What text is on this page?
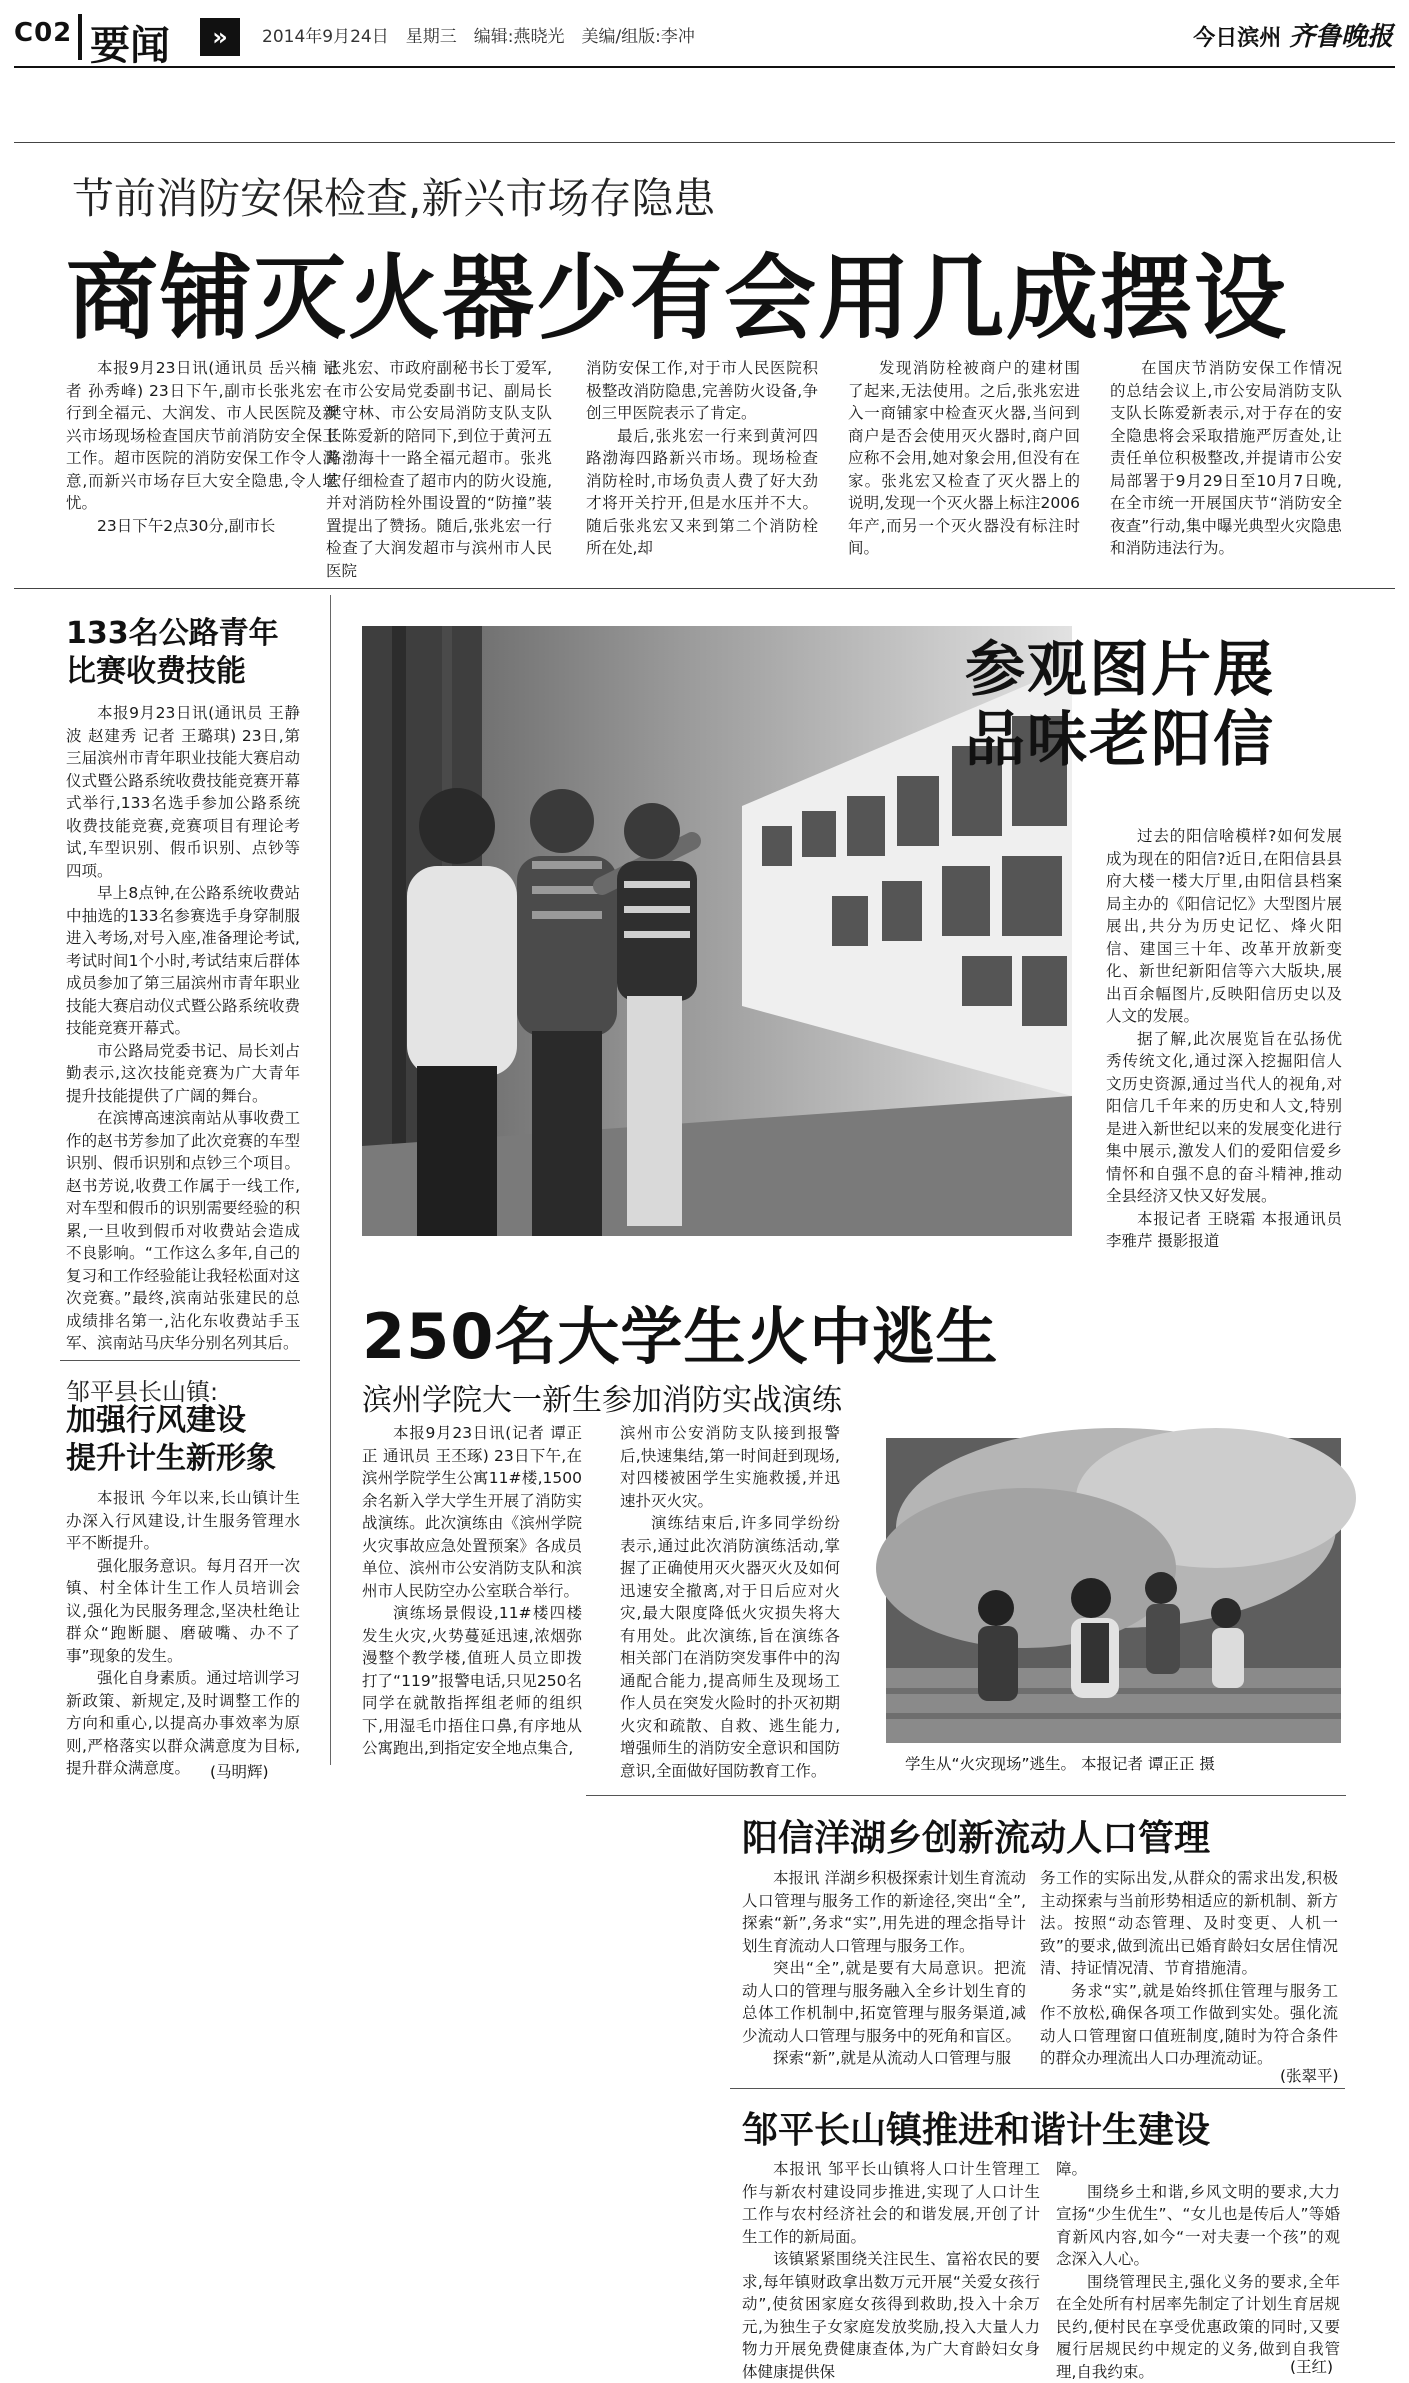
C02 要闻	»	2014年9月24日　星期三　编辑:燕晓光　美编/组版:李冲	今日滨州 齐鲁晚报
节前消防安保检查,新兴市场存隐患
商铺灭火器少有会用几成摆设

本报9月23日讯(通讯员 岳兴楠 记者 孙秀峰) 23日下午,副市长张兆宏一行到全福元、大润发、市人民医院及新兴市场现场检查国庆节前消防安全保卫工作。超市医院的消防安保工作令人满意,而新兴市场存巨大安全隐患,令人堪忧。

23日下午2点30分,副市长

张兆宏、市政府副秘书长丁爱军,在市公安局党委副书记、副局长樊守林、市公安局消防支队支队长陈爱新的陪同下,到位于黄河五路渤海十一路全福元超市。张兆宏仔细检查了超市内的防火设施,并对消防栓外围设置的“防撞”装置提出了赞扬。随后,张兆宏一行检查了大润发超市与滨州市人民医院

消防安保工作,对于市人民医院积极整改消防隐患,完善防火设备,争创三甲医院表示了肯定。

最后,张兆宏一行来到黄河四路渤海四路新兴市场。现场检查消防栓时,市场负责人费了好大劲才将开关拧开,但是水压并不大。随后张兆宏又来到第二个消防栓所在处,却

发现消防栓被商户的建材围了起来,无法使用。之后,张兆宏进入一商铺家中检查灭火器,当问到商户是否会使用灭火器时,商户回应称不会用,她对象会用,但没有在家。张兆宏又检查了灭火器上的说明,发现一个灭火器上标注2006年产,而另一个灭火器没有标注时间。

在国庆节消防安保工作情况的总结会议上,市公安局消防支队支队长陈爱新表示,对于存在的安全隐患将会采取措施严厉查处,让责任单位积极整改,并提请市公安局部署于9月29日至10月7日晚,在全市统一开展国庆节“消防安全夜查”行动,集中曝光典型火灾隐患和消防违法行为。

133名公路青年
比赛收费技能

本报9月23日讯(通讯员 王静波 赵建秀 记者 王璐琪) 23日,第三届滨州市青年职业技能大赛启动仪式暨公路系统收费技能竞赛开幕式举行,133名选手参加公路系统收费技能竞赛,竞赛项目有理论考试,车型识别、假币识别、点钞等四项。

早上8点钟,在公路系统收费站中抽选的133名参赛选手身穿制服进入考场,对号入座,准备理论考试,考试时间1个小时,考试结束后群体成员参加了第三届滨州市青年职业技能大赛启动仪式暨公路系统收费技能竞赛开幕式。

市公路局党委书记、局长刘占勤表示,这次技能竞赛为广大青年提升技能提供了广阔的舞台。

在滨博高速滨南站从事收费工作的赵书芳参加了此次竞赛的车型识别、假币识别和点钞三个项目。赵书芳说,收费工作属于一线工作,对车型和假币的识别需要经验的积累,一旦收到假币对收费站会造成不良影响。“工作这么多年,自己的复习和工作经验能让我轻松面对这次竞赛。”最终,滨南站张建民的总成绩排名第一,沾化东收费站手玉军、滨南站马庆华分别名列其后。

邹平县长山镇:
加强行风建设
提升计生新形象

本报讯 今年以来,长山镇计生办深入行风建设,计生服务管理水平不断提升。

强化服务意识。每月召开一次镇、村全体计生工作人员培训会议,强化为民服务理念,坚决杜绝让群众“跑断腿、磨破嘴、办不了事”现象的发生。

强化自身素质。通过培训学习新政策、新规定,及时调整工作的方向和重心,以提高办事效率为原则,严格落实以群众满意度为目标,提升群众满意度。	(马明辉)
参观图片展
品味老阳信

过去的阳信啥模样?如何发展成为现在的阳信?近日,在阳信县县府大楼一楼大厅里,由阳信县档案局主办的《阳信记忆》大型图片展展出,共分为历史记忆、烽火阳信、建国三十年、改革开放新变化、新世纪新阳信等六大版块,展出百余幅图片,反映阳信历史以及人文的发展。

据了解,此次展览旨在弘扬优秀传统文化,通过深入挖掘阳信人文历史资源,通过当代人的视角,对阳信几千年来的历史和人文,特别是进入新世纪以来的发展变化进行集中展示,激发人们的爱阳信爱乡情怀和自强不息的奋斗精神,推动全县经济又快又好发展。

本报记者 王晓霜 本报通讯员 李雅芹 摄影报道

250名大学生火中逃生
滨州学院大一新生参加消防实战演练

本报9月23日讯(记者 谭正正 通讯员 王丕琢) 23日下午,在滨州学院学生公寓11#楼,1500余名新入学大学生开展了消防实战演练。此次演练由《滨州学院火灾事故应急处置预案》各成员单位、滨州市公安消防支队和滨州市人民防空办公室联合举行。

演练场景假设,11#楼四楼发生火灾,火势蔓延迅速,浓烟弥漫整个教学楼,值班人员立即拨打了“119”报警电话,只见250名同学在就散指挥组老师的组织下,用湿毛巾捂住口鼻,有序地从公寓跑出,到指定安全地点集合,

滨州市公安消防支队接到报警后,快速集结,第一时间赶到现场,对四楼被困学生实施救援,并迅速扑灭火灾。

演练结束后,许多同学纷纷表示,通过此次消防演练活动,掌握了正确使用灭火器灭火及如何迅速安全撤离,对于日后应对火灾,最大限度降低火灾损失将大有用处。此次演练,旨在演练各相关部门在消防突发事件中的沟通配合能力,提高师生及现场工作人员在突发火险时的扑灭初期火灾和疏散、自救、逃生能力,增强师生的消防安全意识和国防意识,全面做好国防教育工作。	学生从“火灾现场”逃生。 本报记者 谭正正 摄
阳信洋湖乡创新流动人口管理

本报讯 洋湖乡积极探索计划生育流动人口管理与服务工作的新途径,突出“全”,探索“新”,务求“实”,用先进的理念指导计划生育流动人口管理与服务工作。

突出“全”,就是要有大局意识。把流动人口的管理与服务融入全乡计划生育的总体工作机制中,拓宽管理与服务渠道,减少流动人口管理与服务中的死角和盲区。

探索“新”,就是从流动人口管理与服

务工作的实际出发,从群众的需求出发,积极主动探索与当前形势相适应的新机制、新方法。按照“动态管理、及时变更、人机一致”的要求,做到流出已婚育龄妇女居住情况清、持证情况清、节育措施清。

务求“实”,就是始终抓住管理与服务工作不放松,确保各项工作做到实处。强化流动人口管理窗口值班制度,随时为符合条件的群众办理流出人口办理流动证。

(张翠平)
邹平长山镇推进和谐计生建设

本报讯 邹平长山镇将人口计生管理工作与新农村建设同步推进,实现了人口计生工作与农村经济社会的和谐发展,开创了计生工作的新局面。

该镇紧紧围绕关注民生、富裕农民的要求,每年镇财政拿出数万元开展“关爱女孩行动”,使贫困家庭女孩得到救助,投入十余万元,为独生子女家庭发放奖励,投入大量人力物力开展免费健康查体,为广大育龄妇女身体健康提供保

障。

围绕乡土和谐,乡风文明的要求,大力宣扬“少生优生”、“女儿也是传后人”等婚育新风内容,如今“一对夫妻一个孩”的观念深入人心。

围绕管理民主,强化义务的要求,全年在全处所有村居率先制定了计划生育居规民约,便村民在享受优惠政策的同时,又要履行居规民约中规定的义务,做到自我管理,自我约束。	(王红)
